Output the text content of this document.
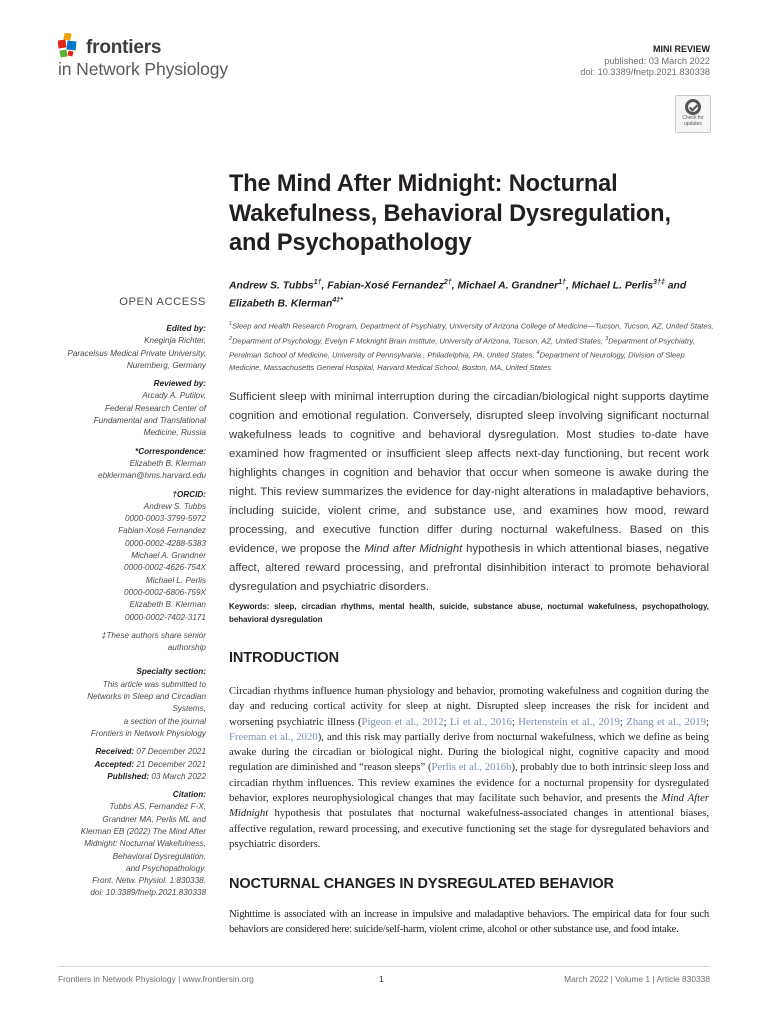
frontiers
in Network Physiology
MINI REVIEW
published: 03 March 2022
doi: 10.3389/fnetp.2021.830338
Check for updates
The Mind After Midnight: Nocturnal Wakefulness, Behavioral Dysregulation, and Psychopathology
Andrew S. Tubbs$^{1\dagger}$, Fabian-Xosé Fernandez$^{2\dagger}$, Michael A. Grandner$^{1\dagger}$, Michael L. Perlis$^{3\dagger\ddagger}$ and Elizabeth B. Klerman$^{4\ddagger*}$
$^1$Sleep and Health Research Program, Department of Psychiatry, University of Arizona College of Medicine—Tucson, Tucson, AZ, United States, $^2$Department of Psychology, Evelyn F Mcknight Brain Institute, University of Arizona, Tucson, AZ, United States, $^3$Department of Psychiatry, Perelman School of Medicine, University of Pennsylvania , Philadelphia, PA, United States, $^4$Department of Neurology, Division of Sleep Medicine, Massachusetts General Hospital, Harvard Medical School, Boston, MA, United States
Sufficient sleep with minimal interruption during the circadian/biological night supports daytime cognition and emotional regulation. Conversely, disrupted sleep involving significant nocturnal wakefulness leads to cognitive and behavioral dysregulation. Most studies to-date have examined how fragmented or insufficient sleep affects next-day functioning, but recent work highlights changes in cognition and behavior that occur when someone is awake during the night. This review summarizes the evidence for day-night alterations in maladaptive behaviors, including suicide, violent crime, and substance use, and examines how mood, reward processing, and executive function differ during nocturnal wakefulness. Based on this evidence, we propose the Mind after Midnight hypothesis in which attentional biases, negative affect, altered reward processing, and prefrontal disinhibition interact to promote behavioral dysregulation and psychiatric disorders.
Keywords: sleep, circadian rhythms, mental health, suicide, substance abuse, nocturnal wakefulness, psychopathology, behavioral dysregulation
INTRODUCTION
Circadian rhythms influence human physiology and behavior, promoting wakefulness and cognition during the day and reducing cortical activity for sleep at night. Disrupted sleep increases the risk for incident and worsening psychiatric illness (Pigeon et al., 2012; Li et al., 2016; Hertenstein et al., 2019; Zhang et al., 2019; Freeman et al., 2020), and this risk may partially derive from nocturnal wakefulness, which we define as being awake during the circadian or biological night. During the biological night, cognitive capacity and mood regulation are diminished and “reason sleeps” (Perlis et al., 2016b), probably due to both intrinsic sleep loss and circadian rhythm influences. This review examines the evidence for a nocturnal propensity for dysregulated behavior, explores neurophysiological changes that may facilitate such behavior, and presents the Mind After Midnight hypothesis that postulates that nocturnal wakefulness-associated changes in attentional biases, affective regulation, reward processing, and executive functioning set the stage for dysregulated behaviors and psychiatric disorders.
NOCTURNAL CHANGES IN DYSREGULATED BEHAVIOR
Nighttime is associated with an increase in impulsive and maladaptive behaviors. The empirical data for four such behaviors are considered here: suicide/self-harm, violent crime, alcohol or other substance use, and food intake.
OPEN ACCESS
Edited by:
Kneginja Richter,
Paracelsus Medical Private University,
Nuremberg, Germany
Reviewed by:
Arcady A. Putilov,
Federal Research Center of
Fundamental and Translational
Medicine, Russia
*Correspondence:
Elizabeth B. Klerman
ebklerman@hms.harvard.edu
†ORCID:
Andrew S. Tubbs
0000-0003-3799-5972
Fabian-Xosé Fernandez
0000-0002-4288-5383
Michael A. Grandner
0000-0002-4626-754X
Michael L. Perlis
0000-0002-6806-759X
Elizabeth B. Klerman
0000-0002-7402-3171
‡These authors share senior
authorship
Specialty section:
This article was submitted to
Networks in Sleep and Circadian
Systems,
a section of the journal
Frontiers in Network Physiology
Received: 07 December 2021
Accepted: 21 December 2021
Published: 03 March 2022
Citation:
Tubbs AS, Fernandez F-X,
Grandner MA, Perlis ML and
Klerman EB (2022) The Mind After
Midnight: Nocturnal Wakefulness,
Behavioral Dysregulation,
and Psychopathology.
Front. Netw. Physiol. 1:830338.
doi: 10.3389/fnetp.2021.830338
Frontiers in Network Physiology | www.frontiersin.org	1	March 2022 | Volume 1 | Article 830338
